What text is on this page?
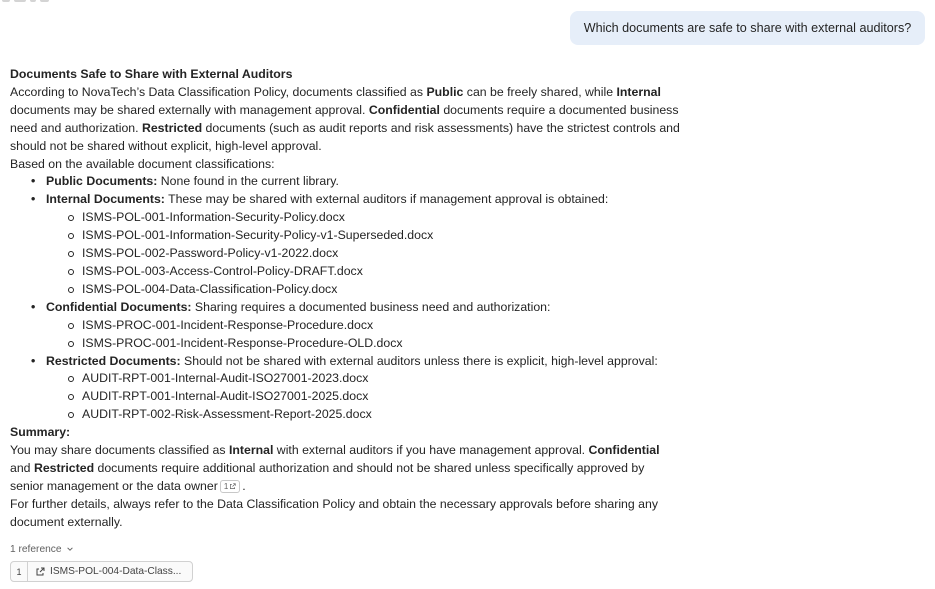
Which documents are safe to share with external auditors?

Documents Safe to Share with External Auditors

According to NovaTech’s Data Classification Policy, documents classified as Public can be freely shared, while Internal documents may be shared externally with management approval. Confidential documents require a documented business need and authorization. Restricted documents (such as audit reports and risk assessments) have the strictest controls and should not be shared without explicit, high-level approval.

Based on the available document classifications:

• Public Documents: None found in the current library.
• Internal Documents: These may be shared with external auditors if management approval is obtained:
ISMS-POL-001-Information-Security-Policy.docx
ISMS-POL-001-Information-Security-Policy-v1-Superseded.docx
ISMS-POL-002-Password-Policy-v1-2022.docx
ISMS-POL-003-Access-Control-Policy-DRAFT.docx
ISMS-POL-004-Data-Classification-Policy.docx
• Confidential Documents: Sharing requires a documented business need and authorization:
ISMS-PROC-001-Incident-Response-Procedure.docx
ISMS-PROC-001-Incident-Response-Procedure-OLD.docx
• Restricted Documents: Should not be shared with external auditors unless there is explicit, high-level approval:
AUDIT-RPT-001-Internal-Audit-ISO27001-2023.docx
AUDIT-RPT-001-Internal-Audit-ISO27001-2025.docx
AUDIT-RPT-002-Risk-Assessment-Report-2025.docx

Summary:

You may share documents classified as Internal with external auditors if you have management approval. Confidential and Restricted documents require additional authorization and should not be shared unless specifically approved by senior management or the data owner 1 .

For further details, always refer to the Data Classification Policy and obtain the necessary approvals before sharing any document externally.

1 reference
1	ISMS-POL-004-Data-Class...
